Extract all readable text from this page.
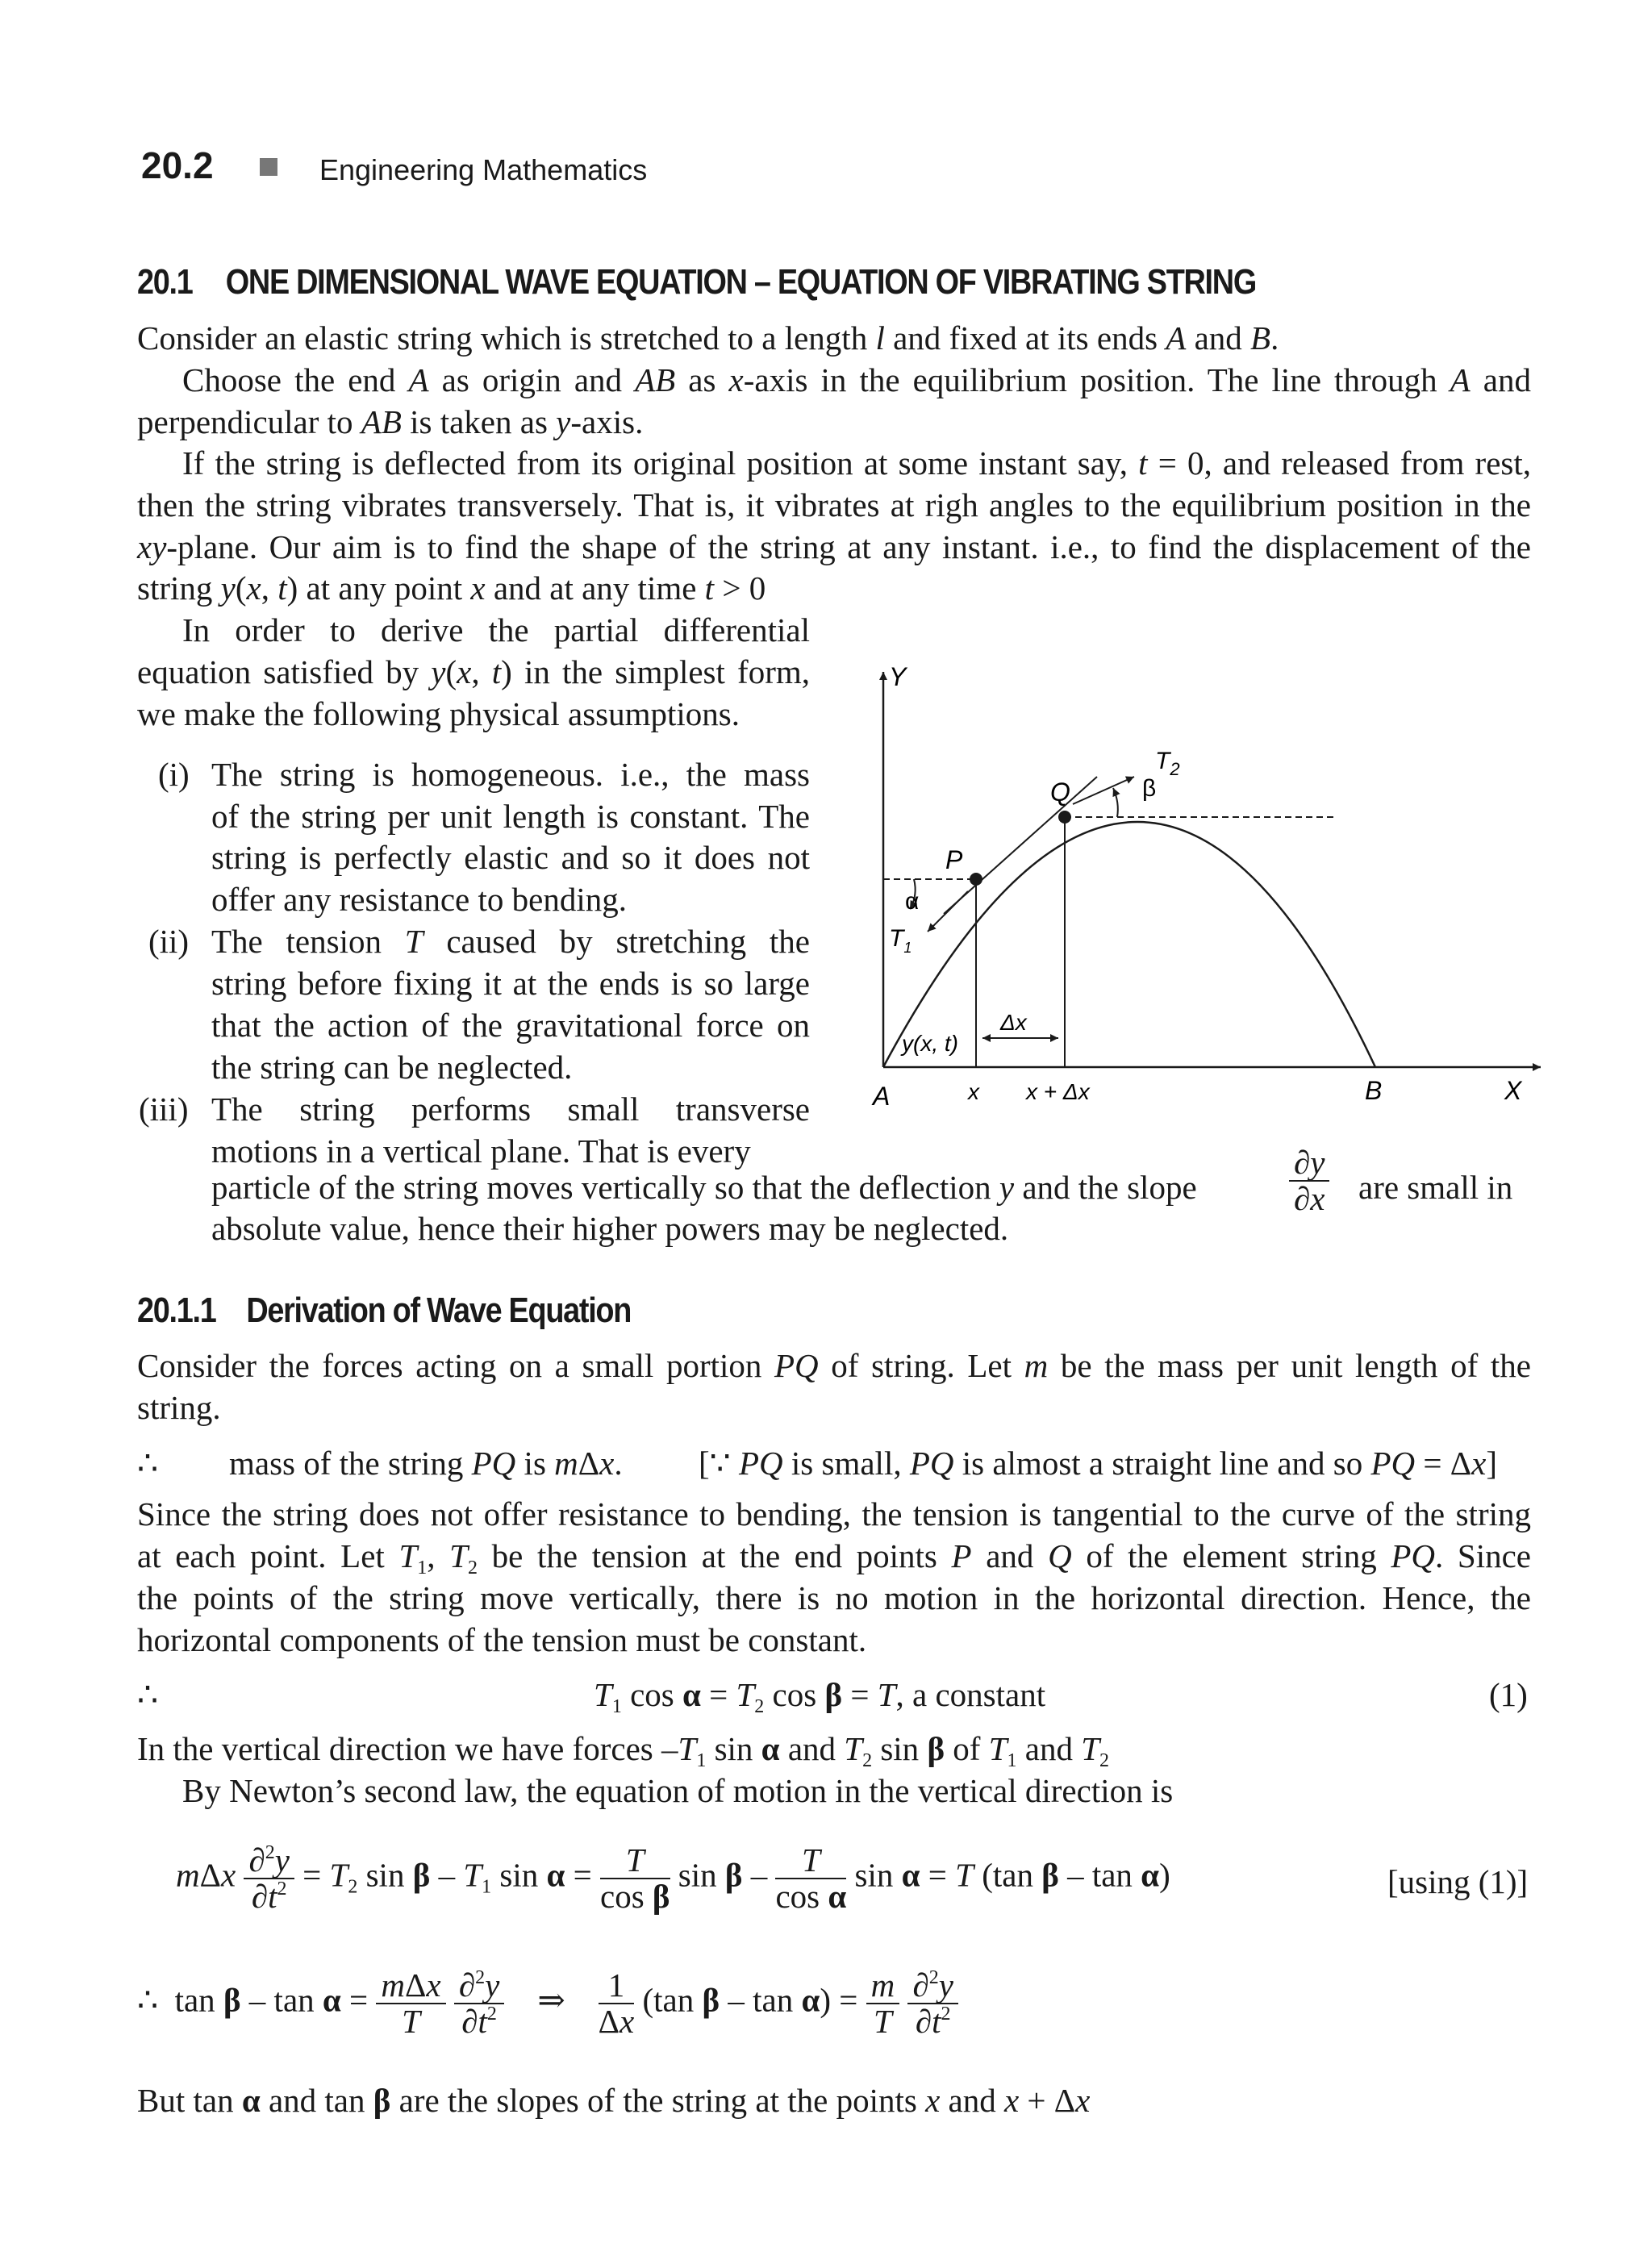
20.2	Engineering Mathematics
20.1 ONE DIMENSIONAL WAVE EQUATION – EQUATION OF VIBRATING STRING
Consider an elastic string which is stretched to a length l and fixed at its ends A and B.
Choose the end A as origin and AB as x-axis in the equilibrium position. The line through A and
perpendicular to AB is taken as y-axis.
If the string is deflected from its original position at some instant say, t = 0, and released from rest,
then the string vibrates transversely. That is, it vibrates at righ angles to the equilibrium position in the
xy-plane. Our aim is to find the shape of the string at any instant. i.e., to find the displacement of the
string y(x, t) at any point x and at any time t > 0
In order to derive the partial differential
equation satisfied by y(x, t) in the simplest form,
we make the following physical assumptions.
(i) The string is homogeneous. i.e., the mass
of the string per unit length is constant. The
string is perfectly elastic and so it does not
offer any resistance to bending.
(ii) The tension T caused by stretching the
string before fixing it at the ends is so large
that the action of the gravitational force on
the string can be neglected.
(iii) The string performs small transverse
motions in a vertical plane. That is every
particle of the string moves vertically so that the deflection y and the slope	$\frac{\partial y}{\partial x}$ are small in
absolute value, hence their higher powers may be neglected.
Y
X
A	B
P
Q
$T_1$
$T_2$
α
β
y(x, t)
Δx
x x + Δx
20.1.1 Derivation of Wave Equation
Consider the forces acting on a small portion PQ of string. Let m be the mass per unit length of the
string.
∴ mass of the string PQ is mΔx. [∵ PQ is small, PQ is almost a straight line and so PQ = Δx]
Since the string does not offer resistance to bending, the tension is tangential to the curve of the string
at each point. Let $T_1$, $T_2$ be the tension at the end points P and Q of the element string PQ. Since
the points of the string move vertically, there is no motion in the horizontal direction. Hence, the
horizontal components of the tension must be constant.
∴	$T_1$ $\cos \alpha = T_2$ cos β = T, a constant	(1)
In the vertical direction we have forces $-T_1$ sin α and $T_2$ sin β of $T_1$ and $T_2$
By Newton’s second law, the equation of motion in the vertical direction is
mΔx $\frac{\partial^2y}{\partial t^2} = T_2$ sin β – $T_1$ $\sin \alpha = \frac{T}{\text{cos β}}$ sin β – $\frac{T}{\text{cos α}}$ sin α = T (tan β – tan α)	[using (1)]
∴  $\tan \beta - \tan \alpha = \frac{\text{mΔx}}{T}$
$\frac{\partial^2y}{\partial t^2}$ ⇒ $\frac{1}{\Delta x} (\tan$ $\beta - \tan \alpha) = \frac{m}{T}$
$\frac{\partial^2y}{\partial t^2}$
But tan α and tan β are the slopes of the string at the points x and x + Δx
